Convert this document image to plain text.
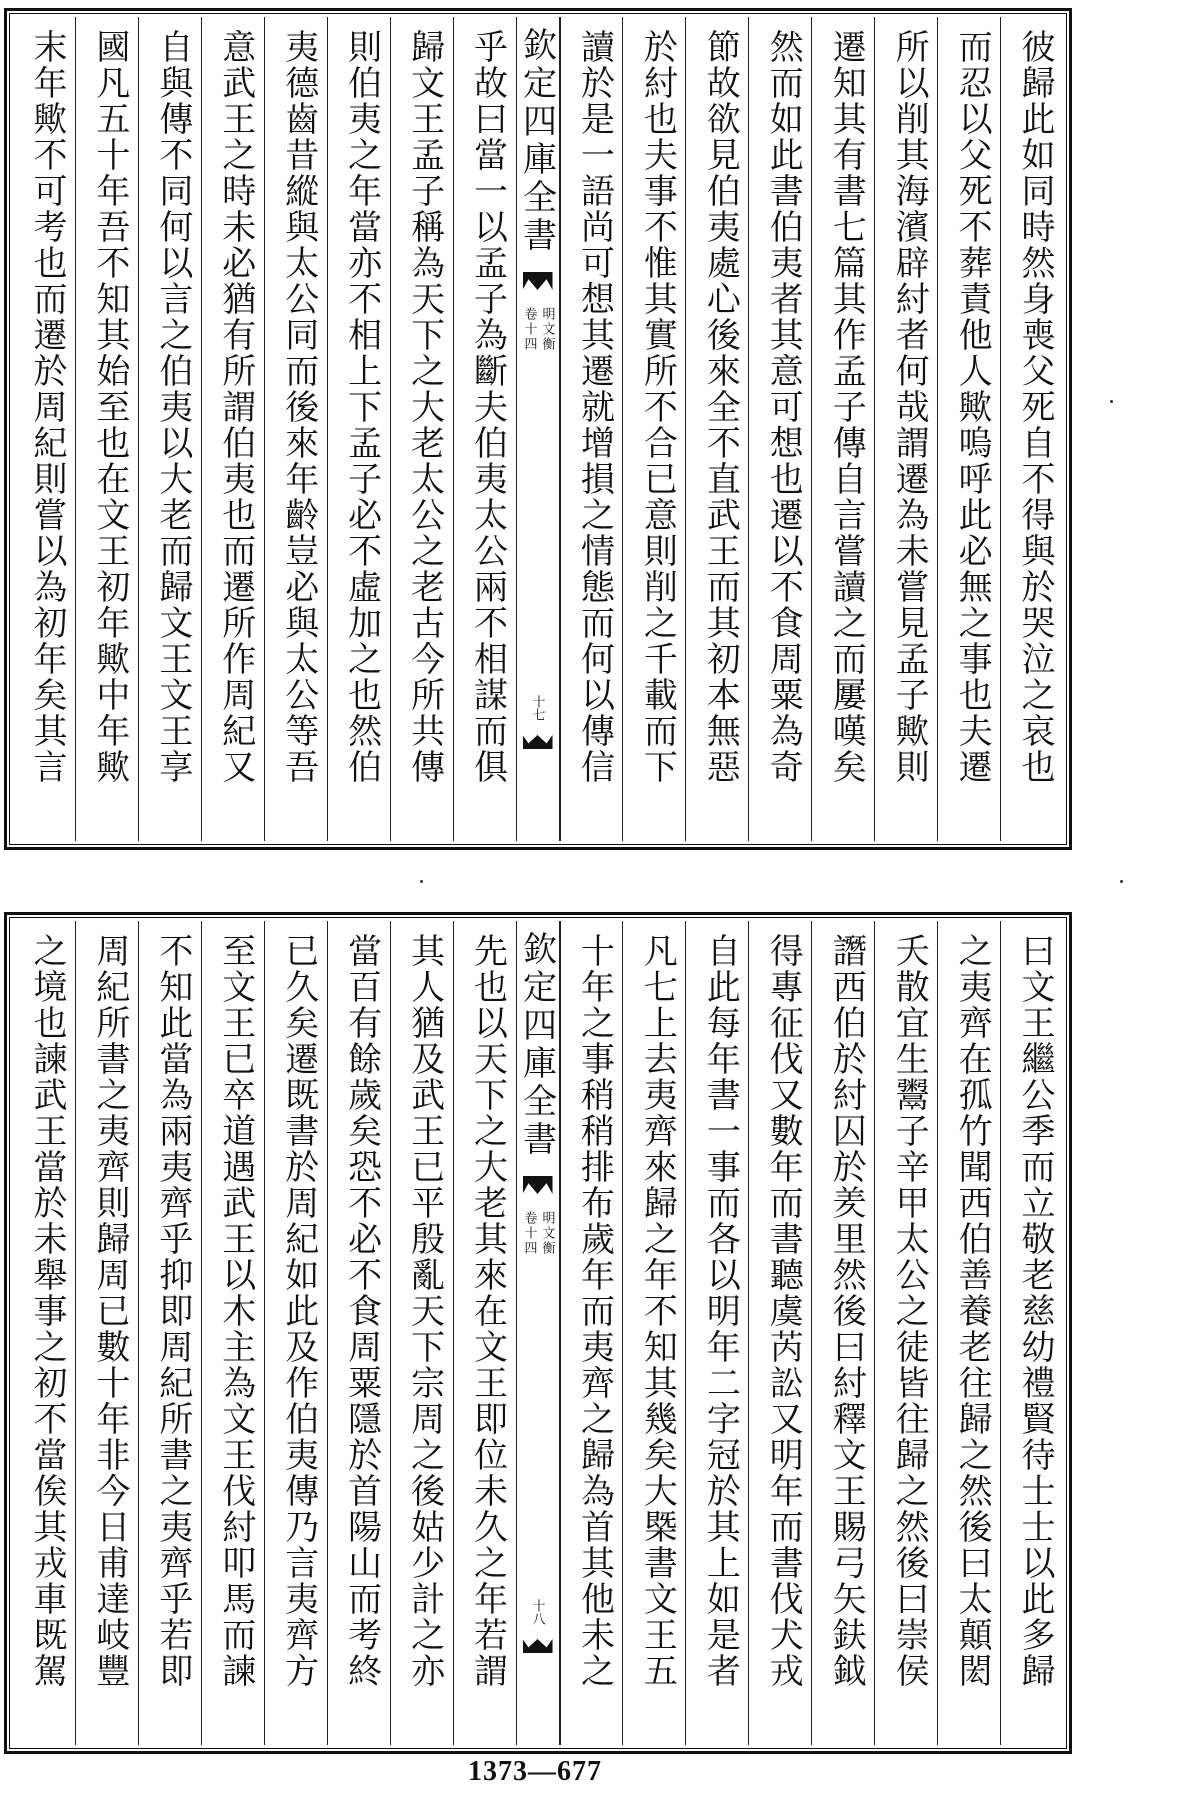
彼歸此如同時然身喪父死自不得與於哭泣之哀也
而忍以父死不葬責他人歟嗚呼此必無之事也夫遷
所以削其海濱辟紂者何哉謂遷為未嘗見孟子歟則
遷知其有書七篇其作孟子傳自言嘗讀之而屢嘆矣
然而如此書伯夷者其意可想也遷以不食周粟為奇
節故欲見伯夷處心後來全不直武王而其初本無惡
於紂也夫事不惟其實所不合已意則削之千載而下
讀於是一語尚可想其遷就增損之情態而何以傳信
欽定四庫全書
明文衡
卷十四
十七
乎故曰當一以孟子為斷夫伯夷太公兩不相謀而俱
歸文王孟子稱為天下之大老太公之老古今所共傳
則伯夷之年當亦不相上下孟子必不虛加之也然伯
夷德齒昔縱與太公同而後來年齡豈必與太公等吾
意武王之時未必猶有所謂伯夷也而遷所作周紀又
自與傳不同何以言之伯夷以大老而歸文王文王享
國凡五十年吾不知其始至也在文王初年歟中年歟
末年歟不可考也而遷於周紀則嘗以為初年矣其言
曰文王繼公季而立敬老慈幼禮賢待士士以此多歸
之夷齊在孤竹聞西伯善養老往歸之然後曰太顛閎
夭散宜生鬻子辛甲太公之徒皆往歸之然後曰崇侯
譖西伯於紂囚於羑里然後曰紂釋文王賜弓矢鈇鉞
得專征伐又數年而書聽虞芮訟又明年而書伐犬戎
自此每年書一事而各以明年二字冠於其上如是者
凡七上去夷齊來歸之年不知其幾矣大槩書文王五
十年之事稍稍排布歲年而夷齊之歸為首其他未之
欽定四庫全書
明文衡
卷十四
十八
先也以天下之大老其來在文王即位未久之年若謂
其人猶及武王已平殷亂天下宗周之後姑少計之亦
當百有餘歲矣恐不必不食周粟隱於首陽山而考終
已久矣遷既書於周紀如此及作伯夷傳乃言夷齊方
至文王已卒道遇武王以木主為文王伐紂叩馬而諫
不知此當為兩夷齊乎抑即周紀所書之夷齊乎若即
周紀所書之夷齊則歸周已數十年非今日甫達岐豐
之境也諫武王當於未舉事之初不當俟其戎車既駕
1373—677
